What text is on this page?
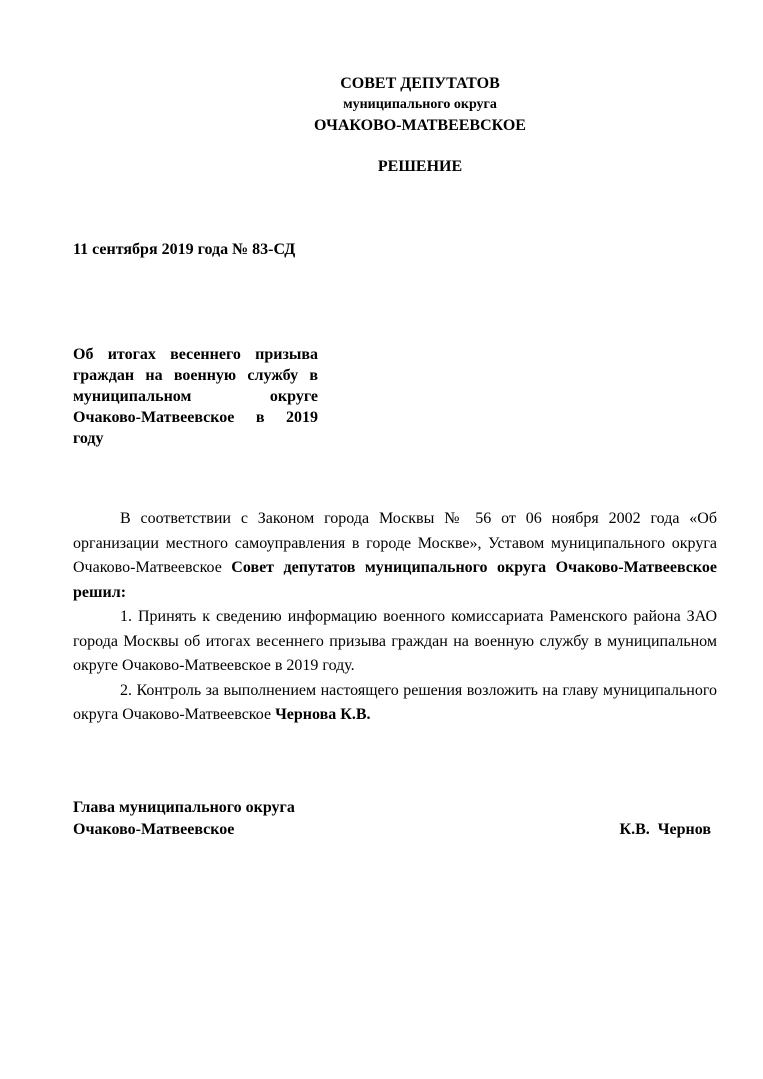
СОВЕТ ДЕПУТАТОВ
муниципального округа
ОЧАКОВО-МАТВЕЕВСКОЕ
РЕШЕНИЕ
11 сентября 2019 года № 83-СД
Об итогах весеннего призыва
граждан на военную службу в
муниципальном округе
Очаково-Матвеевское в 2019
году

В соответствии с Законом города Москвы № 56 от 06 ноября 2002 года «Об организации местного самоуправления в городе Москве», Уставом муниципального округа Очаково-Матвеевское Совет депутатов муниципального округа Очаково-Матвеевское решил:

1. Принять к сведению информацию военного комиссариата Раменского района ЗАО города Москвы об итогах весеннего призыва граждан на военную службу в муниципальном округе Очаково-Матвеевское в 2019 году.

2. Контроль за выполнением настоящего решения возложить на главу муниципального округа Очаково-Матвеевское Чернова К.В.

Глава муниципального округа
Очаково-Матвеевское	К.В. Чернов
